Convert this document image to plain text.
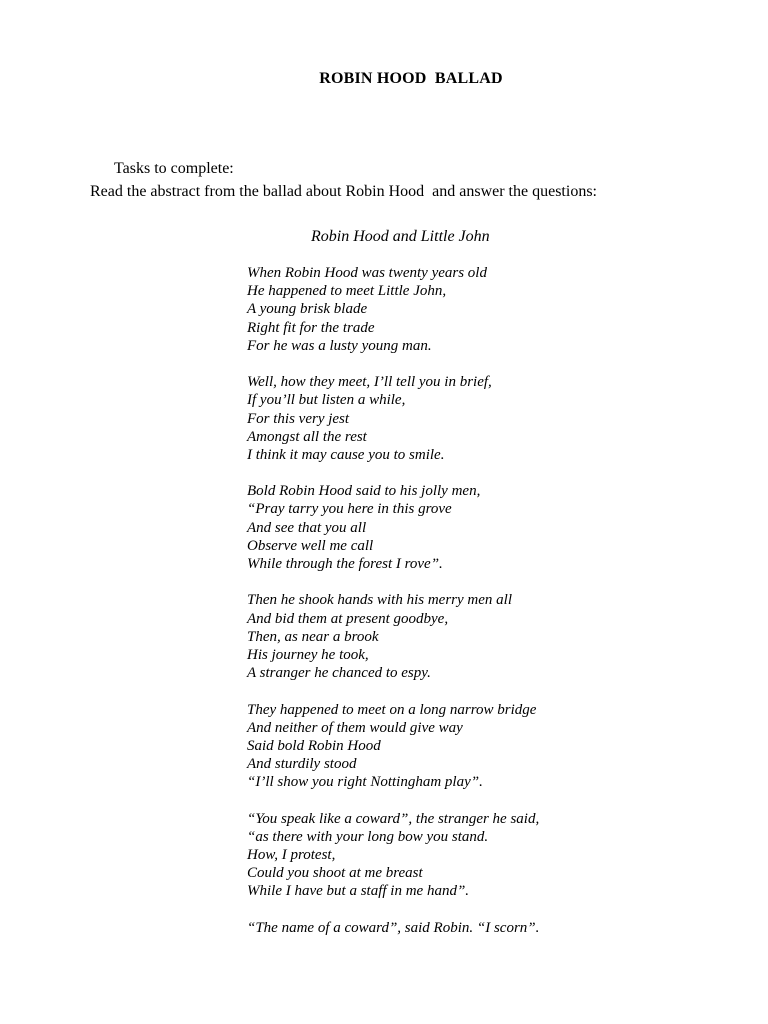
ROBIN HOOD  BALLAD
Tasks to complete:
Read the abstract from the ballad about Robin Hood  and answer the questions:
Robin Hood and Little John
When Robin Hood was twenty years old
He happened to meet Little John,
A young brisk blade
Right fit for the trade
For he was a lusty young man.
Well, how they meet, I’ll tell you in brief,
If you’ll but listen a while,
For this very jest
Amongst all the rest
I think it may cause you to smile.
Bold Robin Hood said to his jolly men,
“Pray tarry you here in this grove
And see that you all
Observe well me call
While through the forest I rove”.
Then he shook hands with his merry men all
And bid them at present goodbye,
Then, as near a brook
His journey he took,
A stranger he chanced to espy.
They happened to meet on a long narrow bridge
And neither of them would give way
Said bold Robin Hood
And sturdily stood
“I’ll show you right Nottingham play”.
“You speak like a coward”, the stranger he said,
“as there with your long bow you stand.
How, I protest,
Could you shoot at me breast
While I have but a staff in me hand”.
“The name of a coward”, said Robin. “I scorn”.
